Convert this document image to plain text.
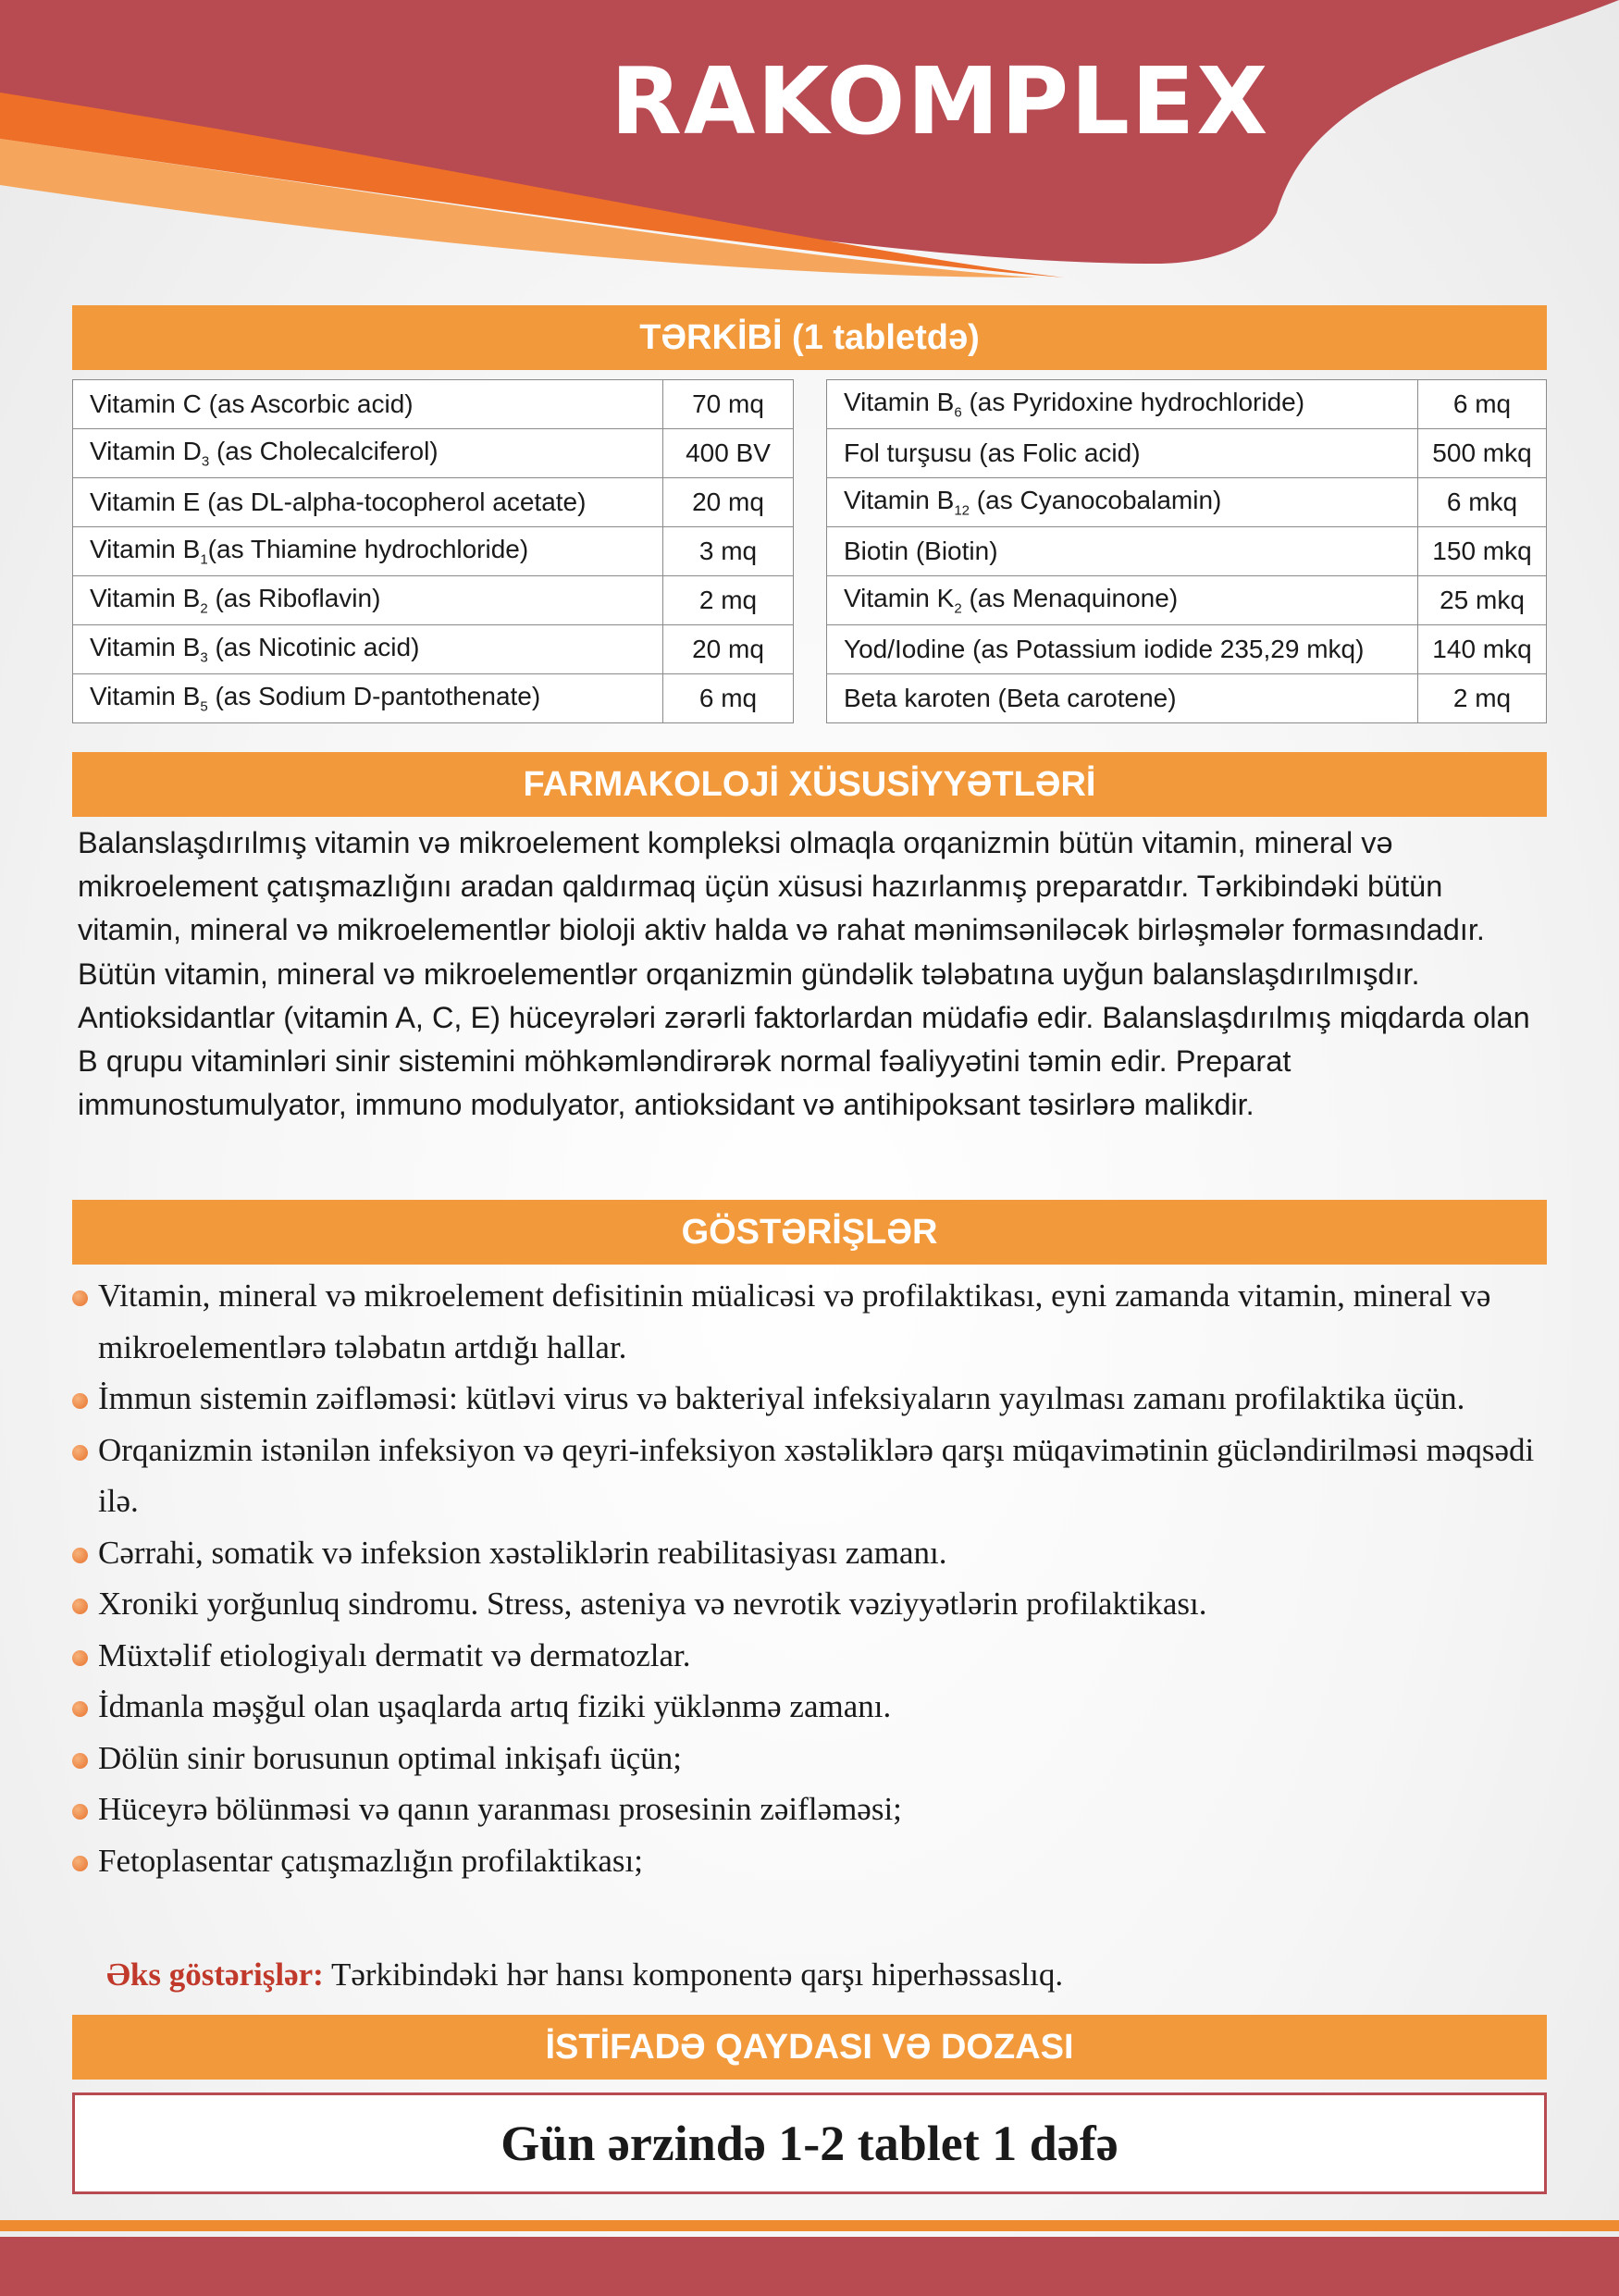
RAKOMPLEX
TƏRKİBİ (1 tabletdə)
Vitamin C (as Ascorbic acid)	70 mq
Vitamin $D_3$ (as Cholecalciferol)	400 BV
Vitamin E (as DL-alpha-tocopherol acetate)	20 mq
Vitamin $B_1(as$ Thiamine hydrochloride)	3 mq
Vitamin $B_2$ (as Riboflavin)	2 mq
Vitamin $B_3$ (as Nicotinic acid)	20 mq
Vitamin $B_5$ (as Sodium D-pantothenate)	6 mq
Vitamin $B_6$ (as Pyridoxine hydrochloride)	6 mq
Fol turşusu (as Folic acid)	500 mkq
Vitamin $B_{12}$ (as Cyanocobalamin)	6 mkq
Biotin (Biotin)	150 mkq
Vitamin $K_2$ (as Menaquinone)	25 mkq
Yod/Iodine (as Potassium iodide 235,29 mkq)	140 mkq
Beta karoten (Beta carotene)	2 mq
FARMAKOLOJİ XÜSUSİYYƏTLƏRİ

Balanslaşdırılmış vitamin və mikroelement kompleksi olmaqla orqanizmin bütün vitamin, mineral və mikroelement çatışmazlığını aradan qaldırmaq üçün xüsusi hazırlanmış preparatdır. Tərkibindəki bütün vitamin, mineral və mikroelementlər bioloji aktiv halda və rahat mənimsənilәcək birləşmələr formasındadır. Bütün vitamin, mineral və mikroelementlər orqanizmin gündəlik tələbatına uyğun balanslaşdırılmışdır. Antioksidantlar (vitamin A, C, E) hüceyrələri zərərli faktorlardan müdafiə edir. Balanslaşdırılmış miqdarda olan B qrupu vitaminləri sinir sistemini möhkəmləndirərək normal fəaliyyətini təmin edir. Preparat immunostumulyator, immuno modulyator, antioksidant və antihipoksant təsirlərə malikdir.

GÖSTƏRİŞLƏR
Vitamin, mineral və mikroelement defisitinin müalicəsi və profilaktikası, eyni zamanda vitamin, mineral və mikroelementlərə tələbatın artdığı hallar.
İmmun sistemin zəifləməsi: kütləvi virus və bakteriyal infeksiyaların yayılması zamanı profilaktika üçün.
Orqanizmin istənilən infeksiyon və qeyri-infeksiyon xəstəliklərə qarşı müqavimətinin gücləndirilməsi məqsədi ilə.
Cərrahi, somatik və infeksion xəstəliklərin reabilitasiyası zamanı.
Xroniki yorğunluq sindromu. Stress, asteniya və nevrotik vəziyyətlərin profilaktikası.
Müxtəlif etiologiyalı dermatit və dermatozlar.
İdmanla məşğul olan uşaqlarda artıq fiziki yüklənmə zamanı.
Dölün sinir borusunun optimal inkişafı üçün;
Hüceyrə bölünməsi və qanın yaranması prosesinin zəifləməsi;
Fetoplasentar çatışmazlığın profilaktikası;

Əks göstərişlər: Tərkibindəki hər hansı komponentə qarşı hiperhəssaslıq.

İSTİFADƏ QAYDASI VƏ DOZASI
Gün ərzində 1-2 tablet 1 dəfə
